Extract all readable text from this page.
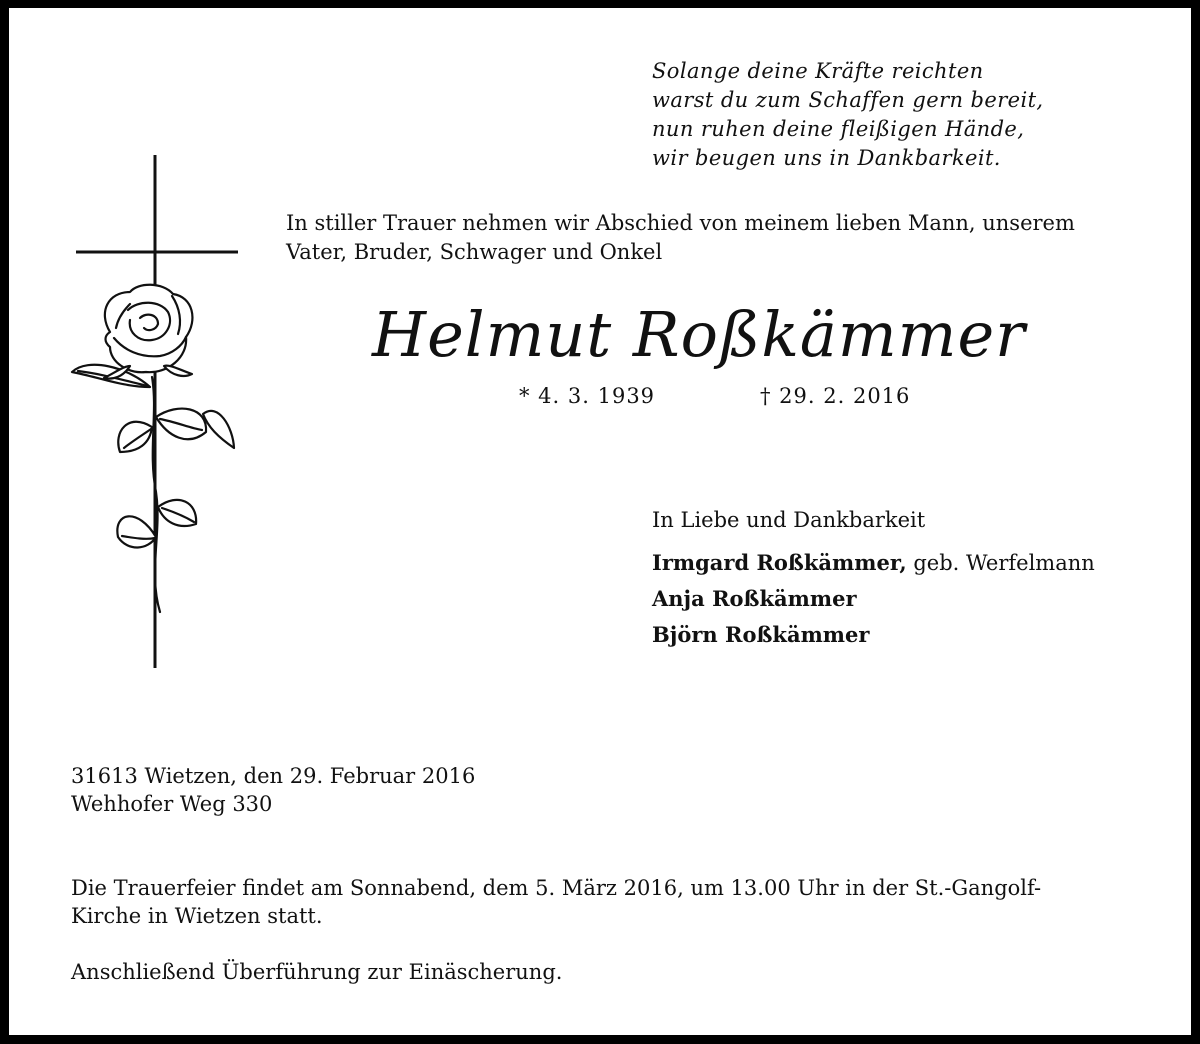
Solange deine Kräfte reichten
warst du zum Schaffen gern bereit,
nun ruhen deine fleißigen Hände,
wir beugen uns in Dankbarkeit.
In stiller Trauer nehmen wir Abschied von meinem lieben Mann, unserem
Vater, Bruder, Schwager und Onkel
Helmut Roßkämmer
* 4. 3. 1939	† 29. 2. 2016
In Liebe und Dankbarkeit
Irmgard Roßkämmer, geb. Werfelmann
Anja Roßkämmer
Björn Roßkämmer
31613 Wietzen, den 29. Februar 2016
Wehhofer Weg 330
Die Trauerfeier findet am Sonnabend, dem 5. März 2016, um 13.00 Uhr in der St.-Gangolf-
Kirche in Wietzen statt.
Anschließend Überführung zur Einäscherung.
